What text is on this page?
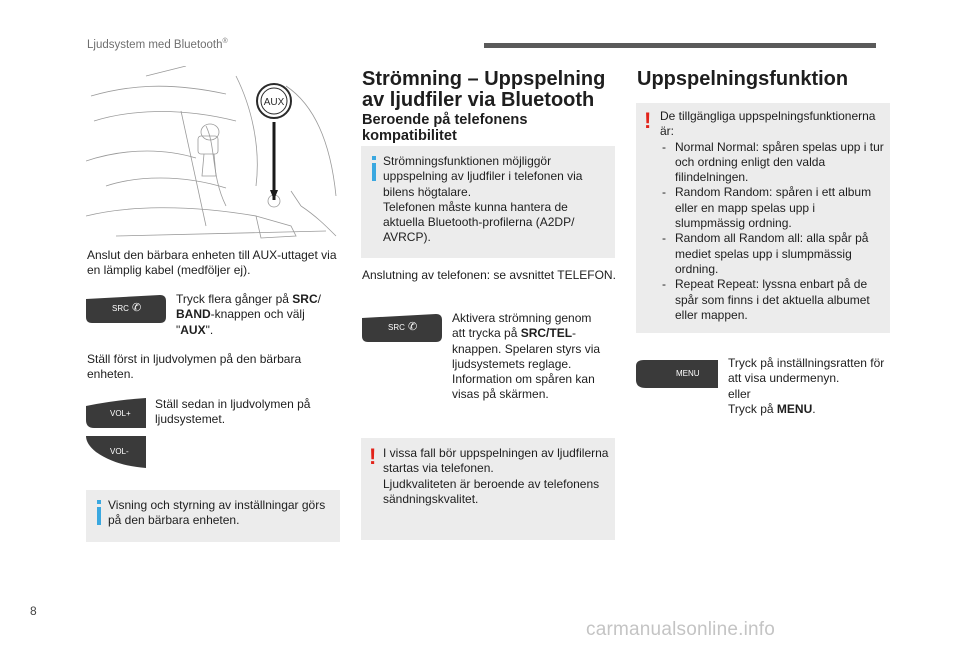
Ljudsystem med Bluetooth®
AUX
Anslut den bärbara enheten till AUX-uttaget via en lämplig kabel (medföljer ej).
SRC ✆
Tryck flera gånger på SRC/
BAND-knappen och välj
"AUX".
Ställ först in ljudvolymen på den bärbara enheten.
VOL+
VOL-
Ställ sedan in ljudvolymen på ljudsystemet.
Visning och styrning av inställningar görs på den bärbara enheten.
Strömning – Uppspelning
av ljudfiler via Bluetooth
Beroende på telefonens
kompatibilitet
Strömningsfunktionen möjliggör uppspelning av ljudfiler i telefonen via bilens högtalare.
Telefonen måste kunna hantera de aktuella Bluetooth-profilerna (A2DP/ AVRCP).
Anslutning av telefonen: se avsnittet TELEFON.
SRC ✆
Aktivera strömning genom att trycka på SRC/TEL-knappen. Spelaren styrs via ljudsystemets reglage. Information om spåren kan visas på skärmen.
! I vissa fall bör uppspelningen av ljudfilerna startas via telefonen.
Ljudkvaliteten är beroende av telefonens sändningskvalitet.
Uppspelningsfunktion
! De tillgängliga uppspelningsfunktionerna är:
- Normal Normal: spåren spelas upp i tur och ordning enligt den valda filindelningen.
- Random Random: spåren i ett album eller en mapp spelas upp i slumpmässig ordning.
- Random all Random all: alla spår på mediet spelas upp i slumpmässig ordning.
- Repeat Repeat: lyssna enbart på de spår som finns i det aktuella albumet eller mappen.
MENU
Tryck på inställningsratten för att visa undermenyn.
eller
Tryck på MENU.
8
carmanualsonline.info
